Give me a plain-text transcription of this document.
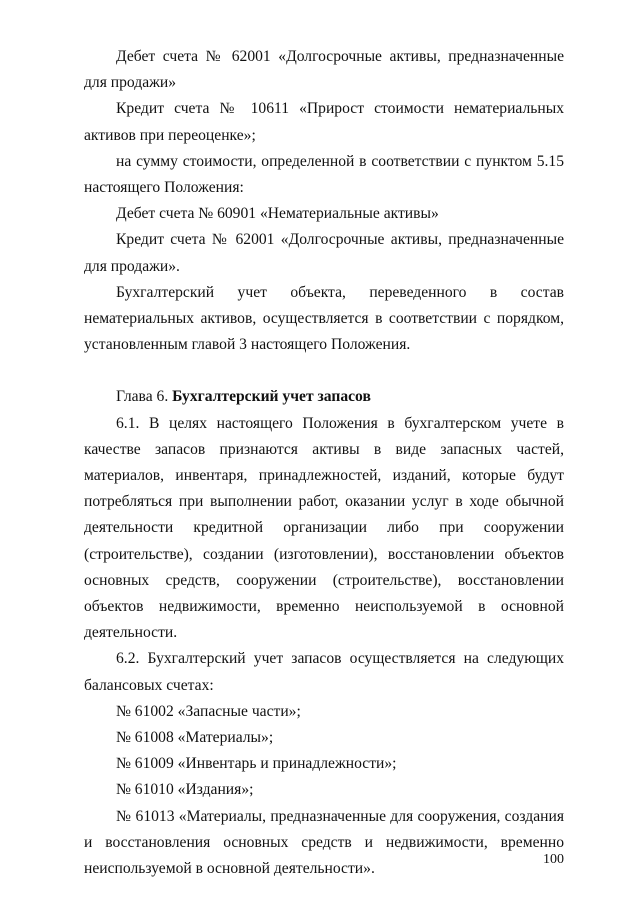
Дебет счета № 62001 «Долгосрочные активы, предназначенные для продажи»

Кредит счета № 10611 «Прирост стоимости нематериальных активов при переоценке»;

на сумму стоимости, определенной в соответствии с пунктом 5.15 настоящего Положения:

Дебет счета № 60901 «Нематериальные активы»

Кредит счета № 62001 «Долгосрочные активы, предназначенные для продажи».

Бухгалтерский учет объекта, переведенного в состав нематериальных активов, осуществляется в соответствии с порядком, установленным главой 3 настоящего Положения.

Глава 6. Бухгалтерский учет запасов

6.1. В целях настоящего Положения в бухгалтерском учете в качестве запасов признаются активы в виде запасных частей, материалов, инвентаря, принадлежностей, изданий, которые будут потребляться при выполнении работ, оказании услуг в ходе обычной деятельности кредитной организации либо при сооружении (строительстве), создании (изготовлении), восстановлении объектов основных средств, сооружении (строительстве), восстановлении объектов недвижимости, временно неиспользуемой в основной деятельности.

6.2. Бухгалтерский учет запасов осуществляется на следующих балансовых счетах:

№ 61002 «Запасные части»;

№ 61008 «Материалы»;

№ 61009 «Инвентарь и принадлежности»;

№ 61010 «Издания»;

№ 61013 «Материалы, предназначенные для сооружения, создания и восстановления основных средств и недвижимости, временно неиспользуемой в основной деятельности».

100
